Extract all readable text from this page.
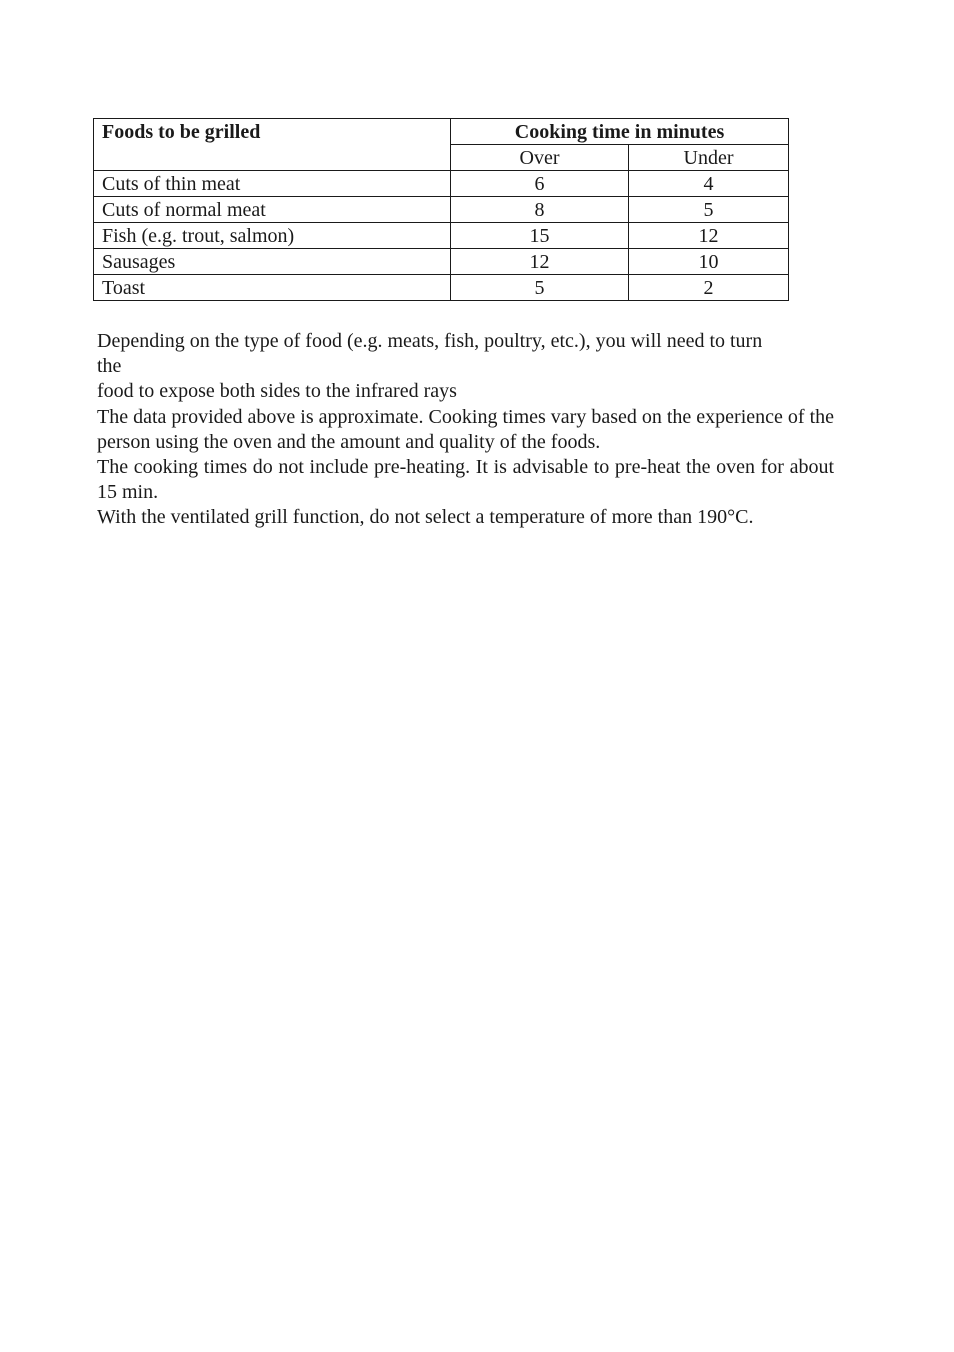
Foods to be grilled	Cooking time in minutes	
	Over	Under
Cuts of thin meat	6	4
Cuts of normal meat	8	5
Fish (e.g. trout, salmon)	15	12
Sausages	12	10
Toast	5	2

Depending on the type of food (e.g. meats, fish, poultry, etc.), you will need to turn

the

food to expose both sides to the infrared rays

The data provided above is approximate. Cooking times vary based on the experience of the person using the oven and the amount and quality of the foods.

The cooking times do not include pre-heating. It is advisable to pre-heat the oven for about 15 min.

With the ventilated grill function, do not select a temperature of more than 190°C.
